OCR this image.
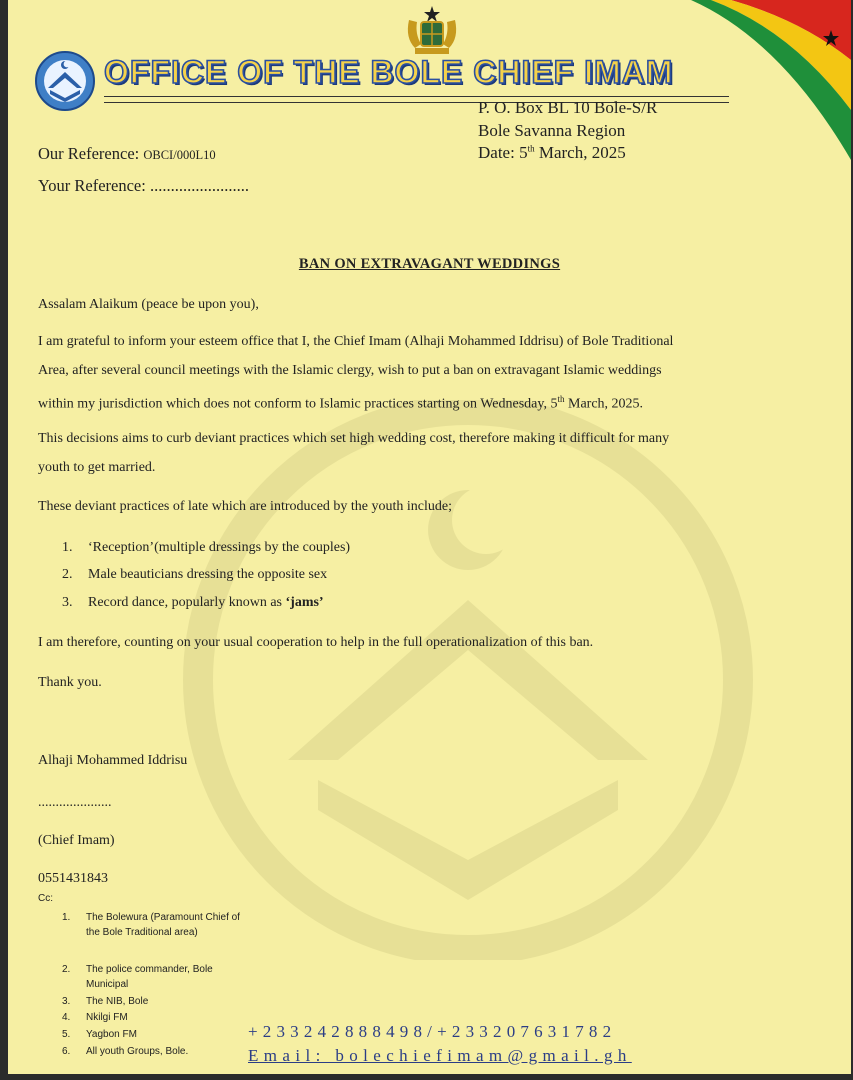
OFFICE OF THE BOLE CHIEF IMAM
P. O. Box BL 10 Bole-S/R
Bole Savanna Region
Date: 5th March, 2025
Our Reference: OBCI/000L10
Your Reference: ........................
BAN ON EXTRAVAGANT WEDDINGS
Assalam Alaikum (peace be upon you),
I am grateful to inform your esteem office that I, the Chief Imam (Alhaji Mohammed Iddrisu) of Bole Traditional
Area, after several council meetings with the Islamic clergy, wish to put a ban on extravagant Islamic weddings
within my jurisdiction which does not conform to Islamic practices starting on Wednesday, 5th March, 2025.
This decisions aims to curb deviant practices which set high wedding cost, therefore making it difficult for many
youth to get married.
These deviant practices of late which are introduced by the youth include;
1. ‘Reception’(multiple dressings by the couples)
2. Male beauticians dressing the opposite sex
3. Record dance, popularly known as ‘jams’
I am therefore, counting on your usual cooperation to help in the full operationalization of this ban.
Thank you.
Alhaji Mohammed Iddrisu
.....................
(Chief Imam)
0551431843
Cc:
1. The Bolewura (Paramount Chief of the Bole Traditional area)
2. The police commander, Bole Municipal
3. The NIB, Bole
4. Nkilgi FM
5. Yagbon FM
6. All youth Groups, Bole.
+233242888498/+233207631782
Email: bolechiefimam@gmail.gh
